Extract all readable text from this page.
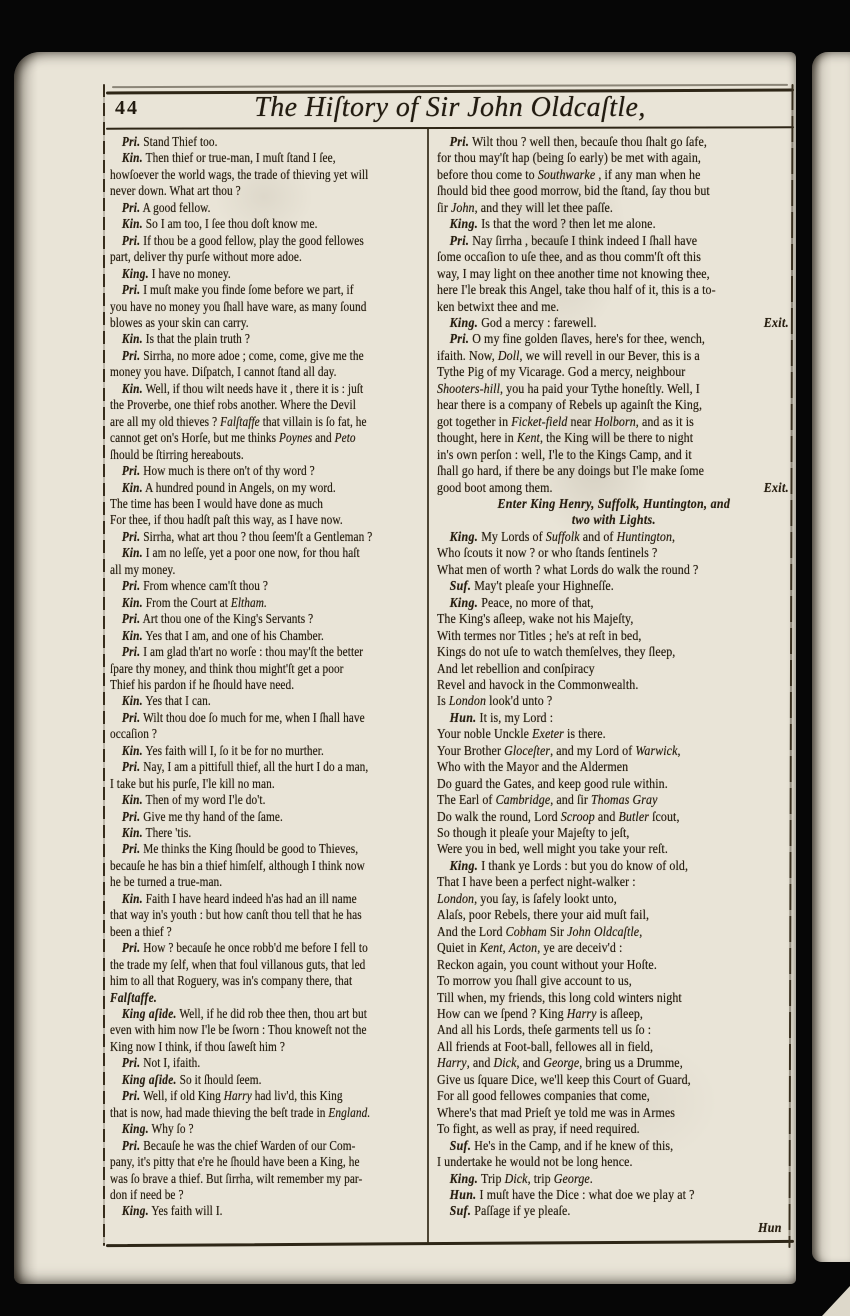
44	The Hiſtory of Sir John Oldcaſtle,
Pri. Stand Thief too.
Kin. Then thief or true-man, I muſt ſtand I ſee,
howſoever the world wags, the trade of thieving yet will
never down. What art thou ?
Pri. A good fellow.
Kin. So I am too, I ſee thou doſt know me.
Pri. If thou be a good fellow, play the good fellowes
part, deliver thy purſe without more adoe.
King. I have no money.
Pri. I muſt make you finde ſome before we part, if
you have no money you ſhall have ware, as many ſound
blowes as your skin can carry.
Kin. Is that the plain truth ?
Pri. Sirrha, no more adoe ; come, come, give me the
money you have. Diſpatch, I cannot ſtand all day.
Kin. Well, if thou wilt needs have it , there it is : juſt
the Proverbe, one thief robs another. Where the Devil
are all my old thieves ? Falſtaffe that villain is ſo fat, he
cannot get on's Horſe, but me thinks Poynes and Peto
ſhould be ſtirring hereabouts.
Pri. How much is there on't of thy word ?
Kin. A hundred pound in Angels, on my word.
The time has been I would have done as much
For thee, if thou hadſt paſt this way, as I have now.
Pri. Sirrha, what art thou ? thou ſeem'ſt a Gentleman ?
Kin. I am no leſſe, yet a poor one now, for thou haſt
all my money.
Pri. From whence cam'ſt thou ?
Kin. From the Court at Eltham.
Pri. Art thou one of the King's Servants ?
Kin. Yes that I am, and one of his Chamber.
Pri. I am glad th'art no worſe : thou may'ſt the better
ſpare thy money, and think thou might'ſt get a poor
Thief his pardon if he ſhould have need.
Kin. Yes that I can.
Pri. Wilt thou doe ſo much for me, when I ſhall have
occaſion ?
Kin. Yes faith will I, ſo it be for no murther.
Pri. Nay, I am a pittifull thief, all the hurt I do a man,
I take but his purſe, I'le kill no man.
Kin. Then of my word I'le do't.
Pri. Give me thy hand of the ſame.
Kin. There 'tis.
Pri. Me thinks the King ſhould be good to Thieves,
becauſe he has bin a thief himſelf, although I think now
he be turned a true-man.
Kin. Faith I have heard indeed h'as had an ill name
that way in's youth : but how canſt thou tell that he has
been a thief ?
Pri. How ? becauſe he once robb'd me before I fell to
the trade my ſelf, when that foul villanous guts, that led
him to all that Roguery, was in's company there, that
Falſtaffe.
King aſide. Well, if he did rob thee then, thou art but
even with him now I'le be ſworn : Thou knoweſt not the
King now I think, if thou ſaweſt him ?
Pri. Not I, ifaith.
King aſide. So it ſhould ſeem.
Pri. Well, if old King Harry had liv'd, this King
that is now, had made thieving the beſt trade in England.
King. Why ſo ?
Pri. Becauſe he was the chief Warden of our Com-
pany, it's pitty that e're he ſhould have been a King, he
was ſo brave a thief. But ſirrha, wilt remember my par-
don if need be ?
King. Yes faith will I.
Pri. Wilt thou ? well then, becauſe thou ſhalt go ſafe,
for thou may'ſt hap (being ſo early) be met with again,
before thou come to Southwarke , if any man when he
ſhould bid thee good morrow, bid the ſtand, ſay thou but
ſir John, and they will let thee paſſe.
King. Is that the word ? then let me alone.
Pri. Nay ſirrha , becauſe I think indeed I ſhall have
ſome occaſion to uſe thee, and as thou comm'ſt oft this
way, I may light on thee another time not knowing thee,
here I'le break this Angel, take thou half of it, this is a to-
ken betwixt thee and me.
Exit.
King. God a mercy : farewell.
Pri. O my fine golden ſlaves, here's for thee, wench,
ifaith. Now, Doll, we will revell in our Bever, this is a
Tythe Pig of my Vicarage. God a mercy, neighbour
Shooters-hill, you ha paid your Tythe honeſtly. Well, I
hear there is a company of Rebels up againſt the King,
got together in Ficket-field near Holborn, and as it is
thought, here in Kent, the King will be there to night
in's own perſon : well, I'le to the Kings Camp, and it
ſhall go hard, if there be any doings but I'le make ſome
Exit.
good boot among them.
Enter King Henry, Suffolk, Huntington, and
two with Lights.
King. My Lords of Suffolk and of Huntington,
Who ſcouts it now ? or who ſtands ſentinels ?
What men of worth ? what Lords do walk the round ?
Suf. May't pleaſe your Highneſſe.
King. Peace, no more of that,
The King's aſleep, wake not his Majeſty,
With termes nor Titles ; he's at reſt in bed,
Kings do not uſe to watch themſelves, they ſleep,
And let rebellion and conſpiracy
Revel and havock in the Commonwealth.
Is London look'd unto ?
Hun. It is, my Lord :
Your noble Unckle Exeter is there.
Your Brother Gloceſter, and my Lord of Warwick,
Who with the Mayor and the Aldermen
Do guard the Gates, and keep good rule within.
The Earl of Cambridge, and ſir Thomas Gray
Do walk the round, Lord Scroop and Butler ſcout,
So though it pleaſe your Majeſty to jeſt,
Were you in bed, well might you take your reſt.
King. I thank ye Lords : but you do know of old,
That I have been a perfect night-walker :
London, you ſay, is ſafely lookt unto,
Alaſs, poor Rebels, there your aid muſt fail,
And the Lord Cobham Sir John Oldcaſtle,
Quiet in Kent, Acton, ye are deceiv'd :
Reckon again, you count without your Hoſte.
To morrow you ſhall give account to us,
Till when, my friends, this long cold winters night
How can we ſpend ? King Harry is aſleep,
And all his Lords, theſe garments tell us ſo :
All friends at Foot-ball, fellowes all in field,
Harry, and Dick, and George, bring us a Drumme,
Give us ſquare Dice, we'll keep this Court of Guard,
For all good fellowes companies that come,
Where's that mad Prieſt ye told me was in Armes
To fight, as well as pray, if need required.
Suf. He's in the Camp, and if he knew of this,
I undertake he would not be long hence.
King. Trip Dick, trip George.
Hun. I muſt have the Dice : what doe we play at ?
Suf. Paſſage if ye pleaſe.
Hun
